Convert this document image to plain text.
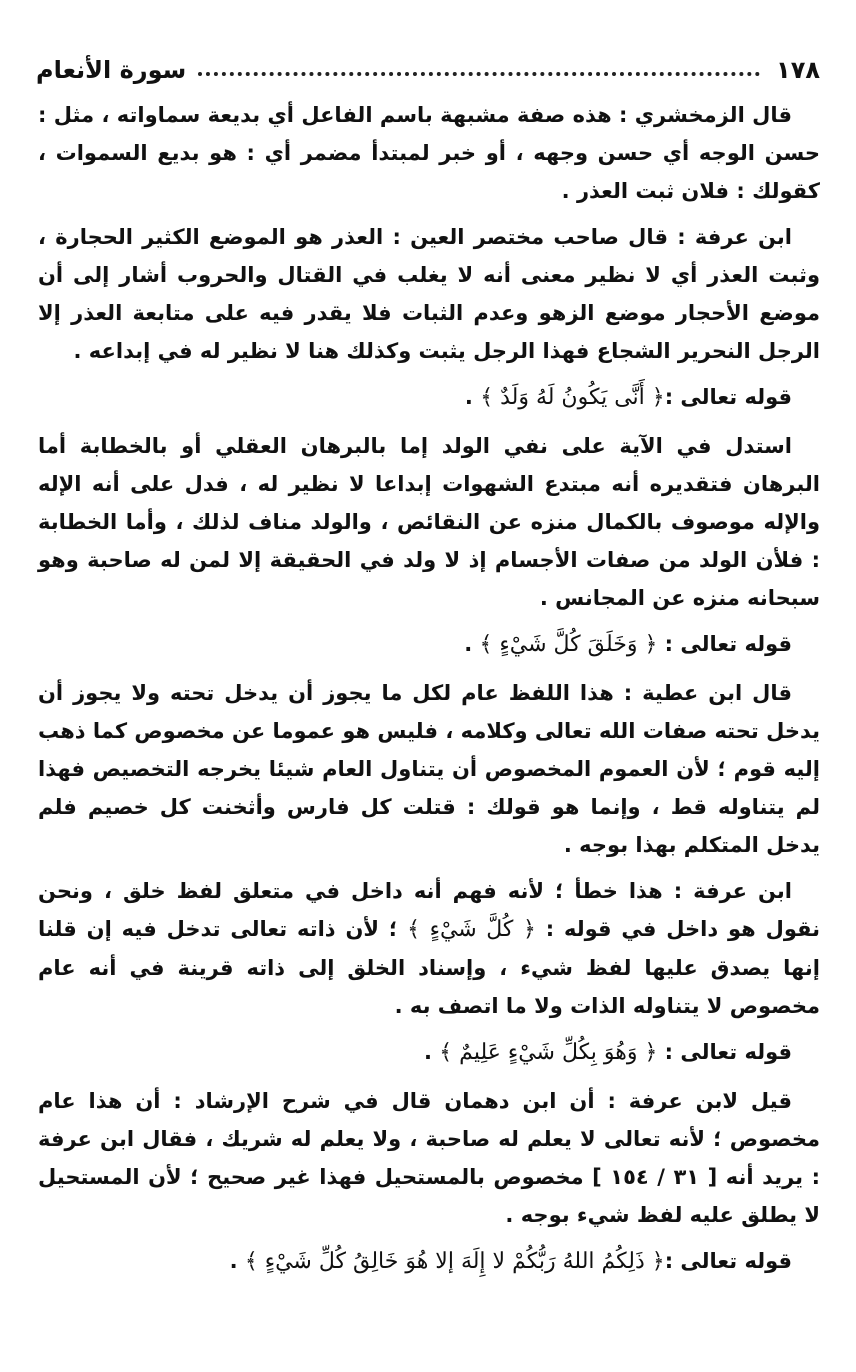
١٧٨
سورة الأنعام

قال الزمخشري : هذه صفة مشبهة باسم الفاعل أي بديعة سماواته ، مثل : حسن الوجه أي حسن وجهه ، أو خبر لمبتدأ مضمر أي : هو بديع السموات ، كقولك : فلان ثبت العذر .

ابن عرفة : قال صاحب مختصر العين : العذر هو الموضع الكثير الحجارة ، وثبت العذر أي لا نظير معنى أنه لا يغلب في القتال والحروب أشار إلى أن موضع الأحجار موضع الزهو وعدم الثبات فلا يقدر فيه على متابعة العذر إلا الرجل النحرير الشجاع فهذا الرجل يثبت وكذلك هنا لا نظير له في إبداعه .

قوله تعالى :﴿ أَنَّى يَكُونُ لَهُ وَلَدٌ ﴾ .

استدل في الآية على نفي الولد إما بالبرهان العقلي أو بالخطابة أما البرهان فتقديره أنه مبتدع الشهوات إبداعا لا نظير له ، فدل على أنه الإله والإله موصوف بالكمال منزه عن النقائص ، والولد مناف لذلك ، وأما الخطابة : فلأن الولد من صفات الأجسام إذ لا ولد في الحقيقة إلا لمن له صاحبة وهو سبحانه منزه عن المجانس .

قوله تعالى : ﴿ وَخَلَقَ كُلَّ شَيْءٍ ﴾ .

قال ابن عطية : هذا اللفظ عام لكل ما يجوز أن يدخل تحته ولا يجوز أن يدخل تحته صفات الله تعالى وكلامه ، فليس هو عموما عن مخصوص كما ذهب إليه قوم ؛ لأن العموم المخصوص أن يتناول العام شيئا يخرجه التخصيص فهذا لم يتناوله قط ، وإنما هو قولك : قتلت كل فارس وأثخنت كل خصيم فلم يدخل المتكلم بهذا بوجه .

ابن عرفة : هذا خطأ ؛ لأنه فهم أنه داخل في متعلق لفظ خلق ، ونحن نقول هو داخل في قوله : ﴿ كُلَّ شَيْءٍ ﴾ ؛ لأن ذاته تعالى تدخل فيه إن قلنا إنها يصدق عليها لفظ شيء ، وإسناد الخلق إلى ذاته قرينة في أنه عام مخصوص لا يتناوله الذات ولا ما اتصف به .

قوله تعالى : ﴿ وَهُوَ بِكُلِّ شَيْءٍ عَلِيمٌ ﴾ .

قيل لابن عرفة : أن ابن دهمان قال في شرح الإرشاد : أن هذا عام مخصوص ؛ لأنه تعالى لا يعلم له صاحبة ، ولا يعلم له شريك ، فقال ابن عرفة : يريد أنه [ ٣١ / ١٥٤ ] مخصوص بالمستحيل فهذا غير صحيح ؛ لأن المستحيل لا يطلق عليه لفظ شيء بوجه .

قوله تعالى :﴿ ذَلِكُمُ اللهُ رَبُّكُمْ لا إِلَهَ إلا هُوَ خَالِقُ كُلِّ شَيْءٍ ﴾ .
